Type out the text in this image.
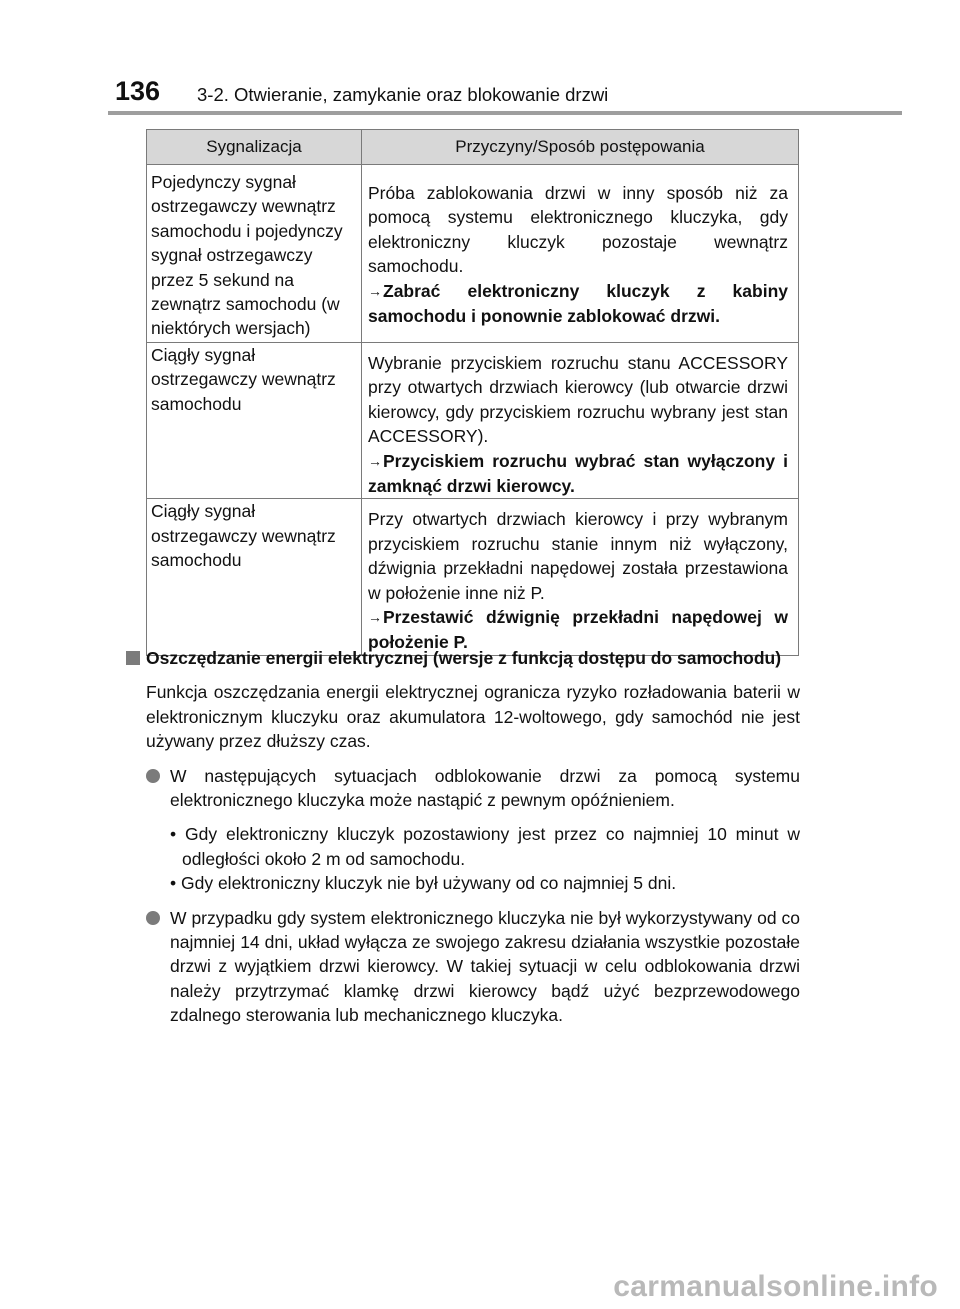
136 3-2. Otwieranie, zamykanie oraz blokowanie drzwi
Sygnalizacja	Przyczyny/Sposób postępowania
Pojedynczy sygnał ostrzegawczy wewnątrz samochodu i pojedynczy sygnał ostrzegawczy przez 5 sekund na zewnątrz samochodu (w niektórych wersjach)	Próba zablokowania drzwi w inny sposób niż za pomocą systemu elektronicznego kluczyka, gdy elektroniczny kluczyk pozostaje wewnątrz samochodu.
→Zabrać elektroniczny kluczyk z kabiny samochodu i ponownie zablokować drzwi.

Ciągły sygnał ostrzegawczy wewnątrz samochodu	Wybranie przyciskiem rozruchu stanu ACCESSORY przy otwartych drzwiach kierowcy (lub otwarcie drzwi kierowcy, gdy przyciskiem rozruchu wybrany jest stan ACCESSORY).
→Przyciskiem rozruchu wybrać stan wyłączony i zamknąć drzwi kierowcy.

Ciągły sygnał ostrzegawczy wewnątrz samochodu	Przy otwartych drzwiach kierowcy i przy wybranym przyciskiem rozruchu stanie innym niż wyłączony, dźwignia przekładni napędowej została przestawiona w położenie inne niż P.
→Przestawić dźwignię przekładni napędowej w położenie P.
Oszczędzanie energii elektrycznej (wersje z funkcją dostępu do samochodu)
Funkcja oszczędzania energii elektrycznej ogranicza ryzyko rozładowania baterii w elektronicznym kluczyku oraz akumulatora 12-woltowego, gdy samochód nie jest używany przez dłuższy czas.
W następujących sytuacjach odblokowanie drzwi za pomocą systemu elektronicznego kluczyka może nastąpić z pewnym opóźnieniem.
• Gdy elektroniczny kluczyk pozostawiony jest przez co najmniej 10 minut w odległości około 2 m od samochodu.
• Gdy elektroniczny kluczyk nie był używany od co najmniej 5 dni.
W przypadku gdy system elektronicznego kluczyka nie był wykorzystywany od co najmniej 14 dni, układ wyłącza ze swojego zakresu działania wszystkie pozostałe drzwi z wyjątkiem drzwi kierowcy. W takiej sytuacji w celu odblokowania drzwi należy przytrzymać klamkę drzwi kierowcy bądź użyć bezprzewodowego zdalnego sterowania lub mechanicznego kluczyka.
carmanualsonline.info
